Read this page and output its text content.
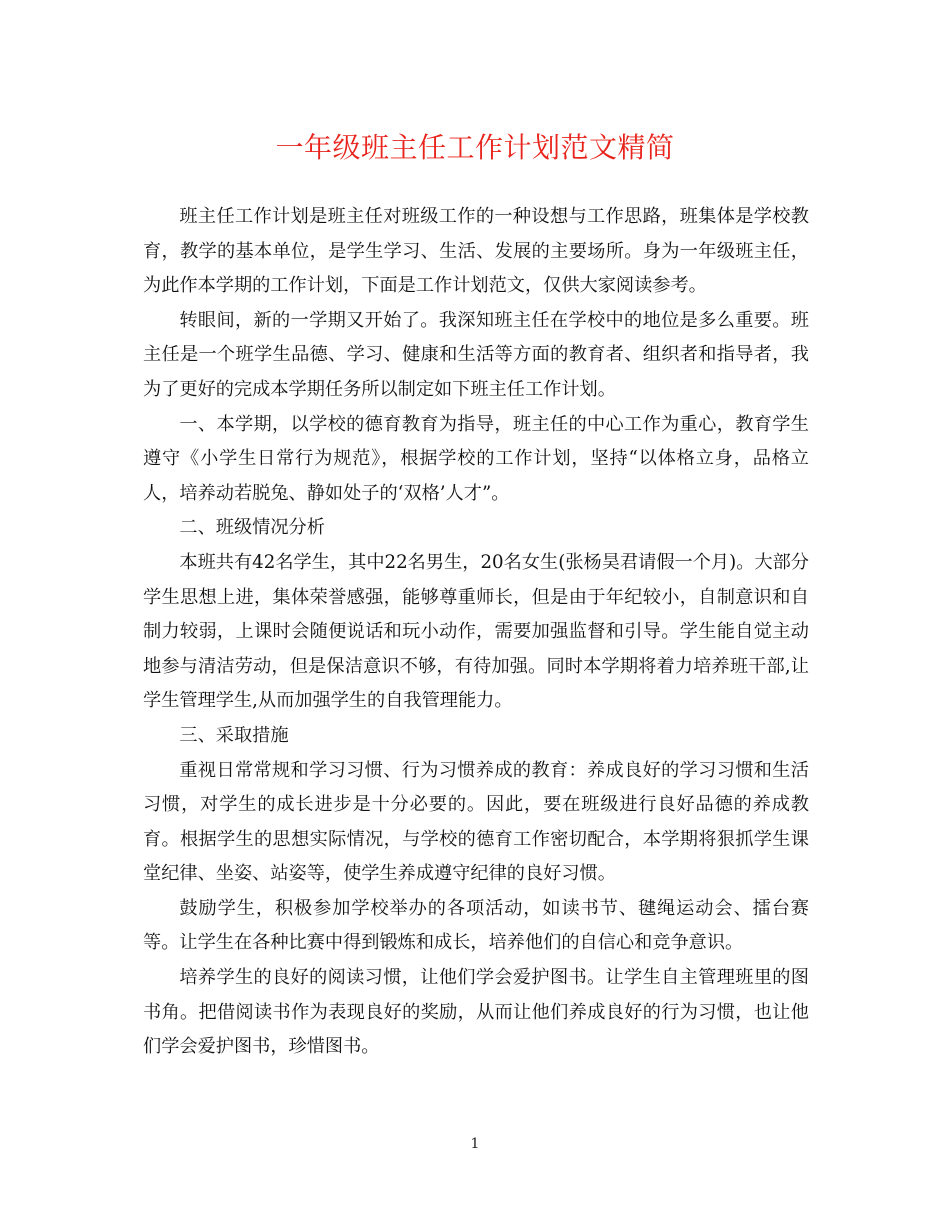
一年级班主任工作计划范文精简

班主任工作计划是班主任对班级工作的一种设想与工作思路，班集体是学校教育，教学的基本单位，是学生学习、生活、发展的主要场所。身为一年级班主任，为此作本学期的工作计划，下面是工作计划范文，仅供大家阅读参考。

转眼间，新的一学期又开始了。我深知班主任在学校中的地位是多么重要。班主任是一个班学生品德、学习、健康和生活等方面的教育者、组织者和指导者，我为了更好的完成本学期任务所以制定如下班主任工作计划。

一、本学期，以学校的德育教育为指导，班主任的中心工作为重心，教育学生遵守《小学生日常行为规范》，根据学校的工作计划，坚持“以体格立身，品格立人，培养动若脱兔、静如处子的‘双格’人才”。

二、班级情况分析

本班共有42名学生，其中22名男生，20名女生(张杨昊君请假一个月)。大部分学生思想上进，集体荣誉感强，能够尊重师长，但是由于年纪较小，自制意识和自制力较弱，上课时会随便说话和玩小动作，需要加强监督和引导。学生能自觉主动地参与清洁劳动，但是保洁意识不够，有待加强。同时本学期将着力培养班干部,让学生管理学生,从而加强学生的自我管理能力。

三、采取措施

重视日常常规和学习习惯、行为习惯养成的教育：养成良好的学习习惯和生活习惯，对学生的成长进步是十分必要的。因此，要在班级进行良好品德的养成教育。根据学生的思想实际情况，与学校的德育工作密切配合，本学期将狠抓学生课堂纪律、坐姿、站姿等，使学生养成遵守纪律的良好习惯。

鼓励学生，积极参加学校举办的各项活动，如读书节、毽绳运动会、擂台赛等。让学生在各种比赛中得到锻炼和成长，培养他们的自信心和竞争意识。

培养学生的良好的阅读习惯，让他们学会爱护图书。让学生自主管理班里的图书角。把借阅读书作为表现良好的奖励，从而让他们养成良好的行为习惯，也让他们学会爱护图书，珍惜图书。

1
